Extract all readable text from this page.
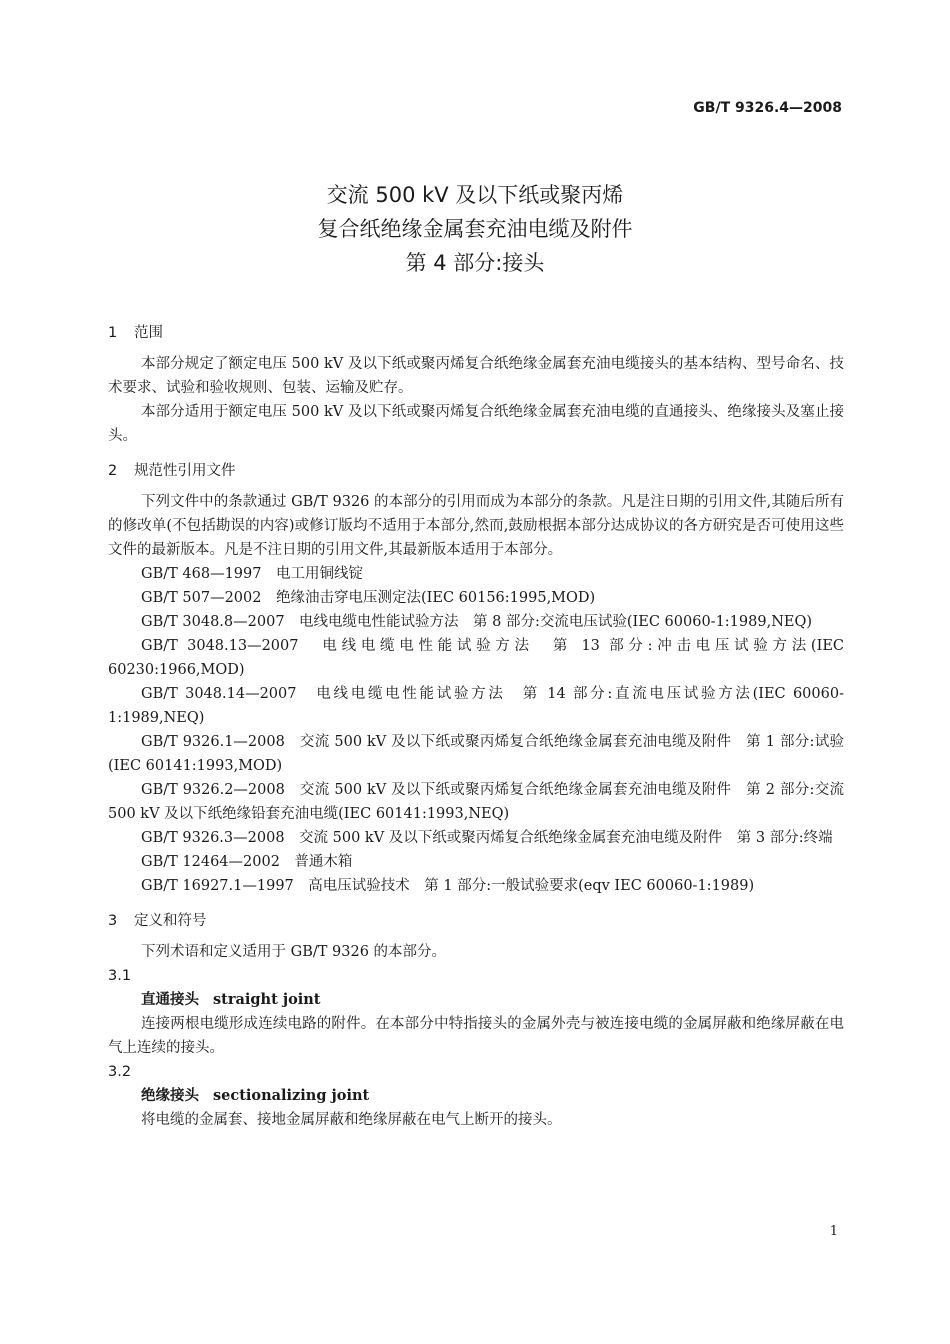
GB/T 9326.4—2008
交流 500 kV 及以下纸或聚丙烯
复合纸绝缘金属套充油电缆及附件
第 4 部分:接头
1 范围

本部分规定了额定电压 500 kV 及以下纸或聚丙烯复合纸绝缘金属套充油电缆接头的基本结构、型号命名、技术要求、试验和验收规则、包装、运输及贮存。

本部分适用于额定电压 500 kV 及以下纸或聚丙烯复合纸绝缘金属套充油电缆的直通接头、绝缘接头及塞止接头。

2 规范性引用文件

下列文件中的条款通过 GB/T 9326 的本部分的引用而成为本部分的条款。凡是注日期的引用文件,其随后所有的修改单(不包括勘误的内容)或修订版均不适用于本部分,然而,鼓励根据本部分达成协议的各方研究是否可使用这些文件的最新版本。凡是不注日期的引用文件,其最新版本适用于本部分。

GB/T 468—1997　电工用铜线锭

GB/T 507—2002　绝缘油击穿电压测定法(IEC 60156:1995,MOD)

GB/T 3048.8—2007　电线电缆电性能试验方法　第 8 部分:交流电压试验(IEC 60060-1:1989,NEQ)

GB/T 3048.13—2007　电线电缆电性能试验方法　第 13 部分:冲击电压试验方法(IEC 60230:1966,MOD)

GB/T 3048.14—2007　电线电缆电性能试验方法　第 14 部分:直流电压试验方法(IEC 60060-1:1989,NEQ)

GB/T 9326.1—2008　交流 500 kV 及以下纸或聚丙烯复合纸绝缘金属套充油电缆及附件　第 1 部分:试验(IEC 60141:1993,MOD)

GB/T 9326.2—2008　交流 500 kV 及以下纸或聚丙烯复合纸绝缘金属套充油电缆及附件　第 2 部分:交流 500 kV 及以下纸绝缘铅套充油电缆(IEC 60141:1993,NEQ)

GB/T 9326.3—2008　交流 500 kV 及以下纸或聚丙烯复合纸绝缘金属套充油电缆及附件　第 3 部分:终端

GB/T 12464—2002　普通木箱

GB/T 16927.1—1997　高电压试验技术　第 1 部分:一般试验要求(eqv IEC 60060-1:1989)

3 定义和符号

下列术语和定义适用于 GB/T 9326 的本部分。

3.1

直通接头 straight joint

连接两根电缆形成连续电路的附件。在本部分中特指接头的金属外壳与被连接电缆的金属屏蔽和绝缘屏蔽在电气上连续的接头。

3.2

绝缘接头 sectionalizing joint

将电缆的金属套、接地金属屏蔽和绝缘屏蔽在电气上断开的接头。

1
